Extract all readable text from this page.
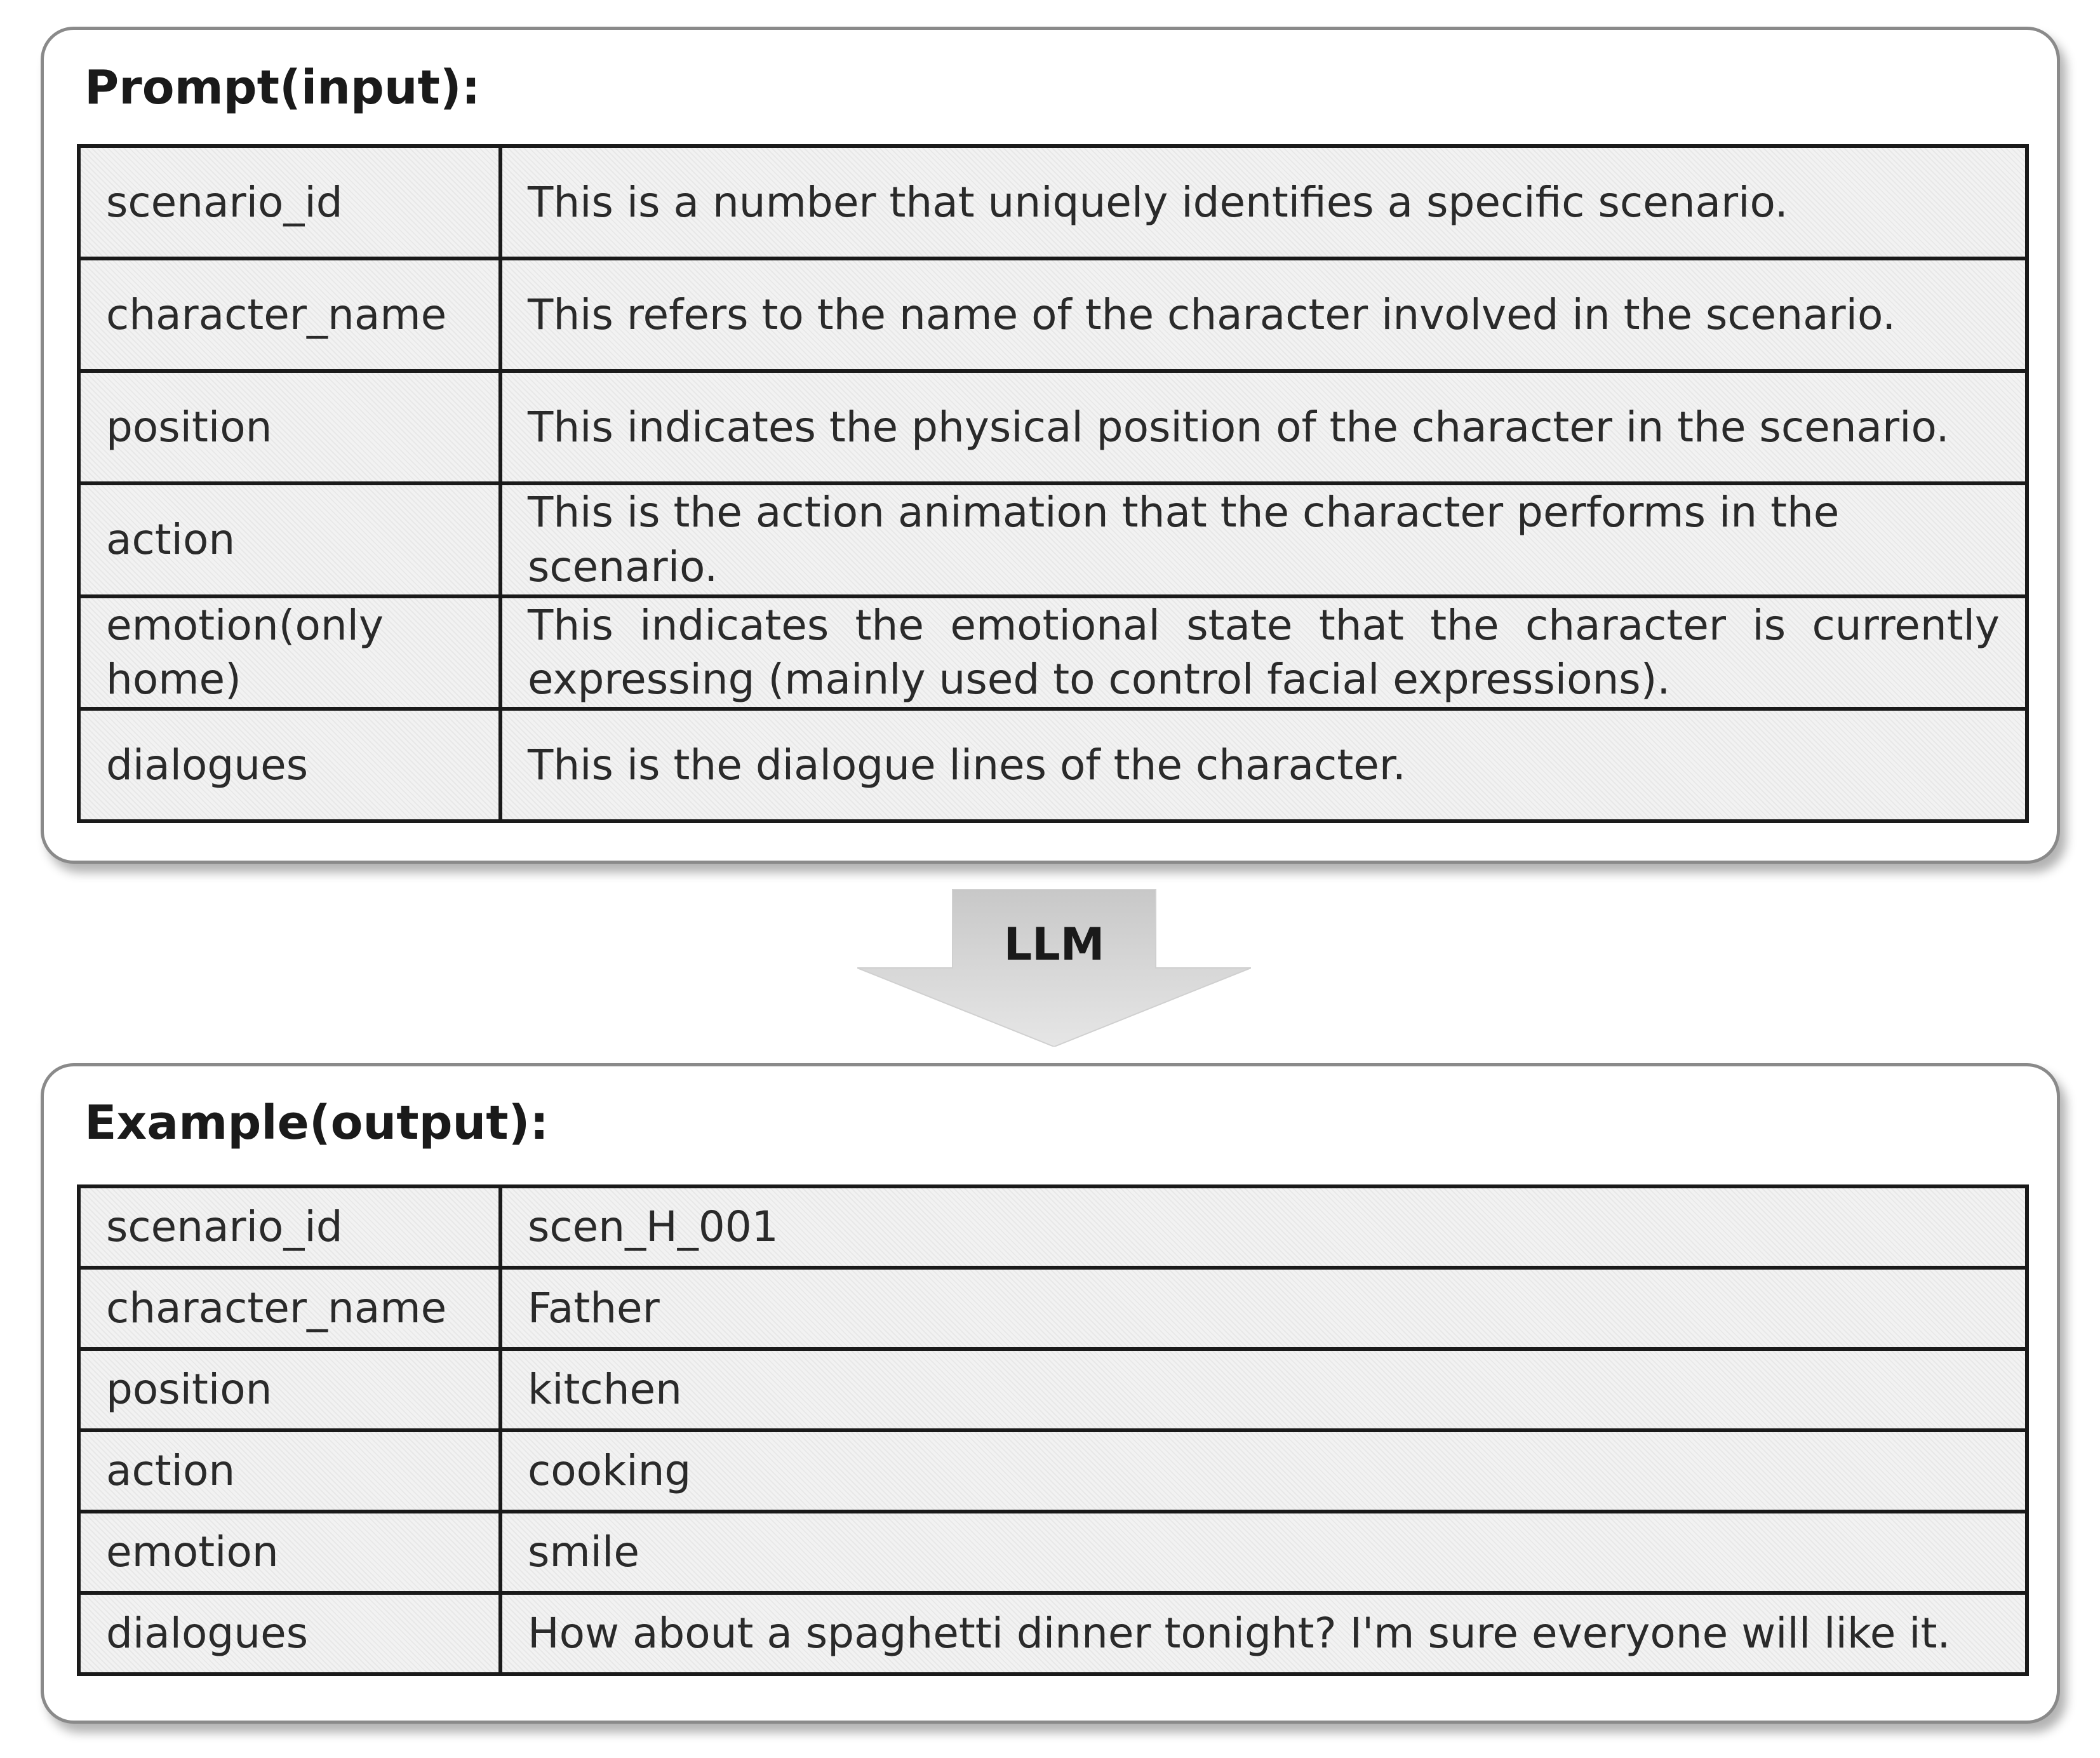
Prompt(input):
scenario_id	This is a number that uniquely identifies a specific scenario.
character_name	This refers to the name of the character involved in the scenario.
position	This indicates the physical position of the character in the scenario.
action	This is the action animation that the character performs in the scenario.
emotion(only home)	This indicates the emotional state that the character is currently expressing (mainly used to control facial expressions).
dialogues	This is the dialogue lines of the character.
LLM
Example(output):
scenario_id	scen_H_001
character_name	Father
position	kitchen
action	cooking
emotion	smile
dialogues	How about a spaghetti dinner tonight? I'm sure everyone will like it.
